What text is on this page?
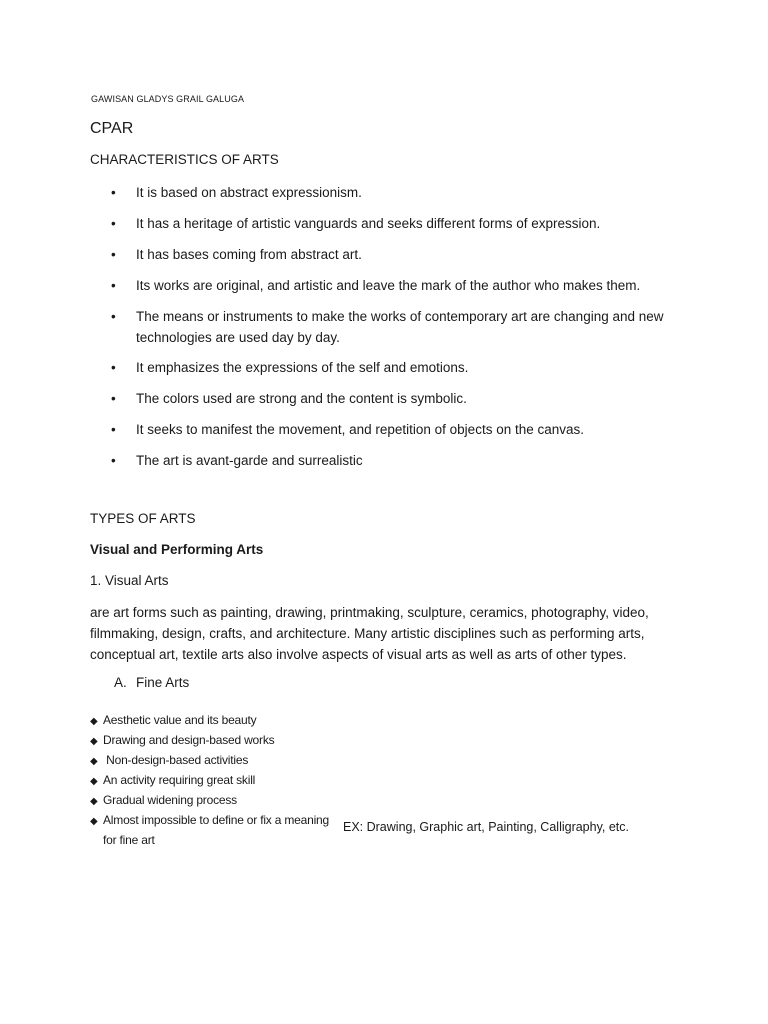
GAWISAN GLADYS GRAIL GALUGA
CPAR
CHARACTERISTICS OF ARTS
• It is based on abstract expressionism.
• It has a heritage of artistic vanguards and seeks different forms of expression.
• It has bases coming from abstract art.
• Its works are original, and artistic and leave the mark of the author who makes them.
• The means or instruments to make the works of contemporary art are changing and new technologies are used day by day.
• It emphasizes the expressions of the self and emotions.
• The colors used are strong and the content is symbolic.
• It seeks to manifest the movement, and repetition of objects on the canvas.
• The art is avant-garde and surrealistic
TYPES OF ARTS
Visual and Performing Arts
1. Visual Arts
are art forms such as painting, drawing, printmaking, sculpture, ceramics, photography, video, filmmaking, design, crafts, and architecture. Many artistic disciplines such as performing arts, conceptual art, textile arts also involve aspects of visual arts as well as arts of other types.
A. Fine Arts
◆ Aesthetic value and its beauty
◆ Drawing and design-based works
◆ Non-design-based activities
◆ An activity requiring great skill
◆ Gradual widening process
◆ Almost impossible to define or fix a meaning
for fine art
EX: Drawing, Graphic art, Painting, Calligraphy, etc.
